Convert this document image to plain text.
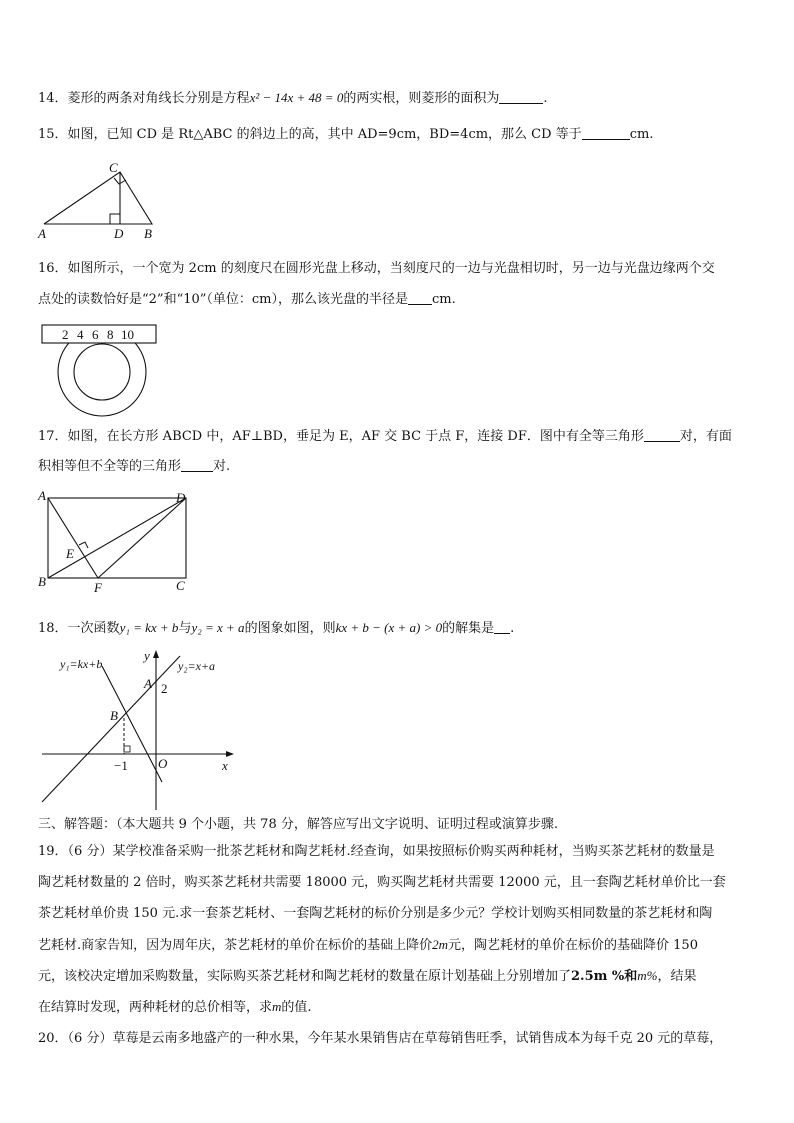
14．菱形的两条对角线长分别是方程x² − 14x + 48 = 0的两实根，则菱形的面积为	.
15．如图，已知 CD 是 Rt△ABC 的斜边上的高，其中 AD=9cm，BD=4cm，那么 CD 等于	cm.
C
A	D B
16．如图所示，一个宽为 2cm 的刻度尺在圆形光盘上移动，当刻度尺的一边与光盘相切时，另一边与光盘边缘两个交
点处的读数恰好是“2”和“10”（单位：cm），那么该光盘的半径是 cm.
2 4 6 8 10
17．如图，在长方形 ABCD 中，AF⊥BD，垂足为 E，AF 交 BC 于点 F，连接 DF．图中有全等三角形	对，有面
积相等但不全等的三角形 对.
A	D
B	C
E
F
18．一次函数y₁ = kx + b与y₂ = x + a的图象如图，则kx + b − (x + a) > 0的解集是 .
y₁=kx+b	y₂=x+a
y
x
O
A 2
B
−1
三、解答题：（本大题共 9 个小题，共 78 分，解答应写出文字说明、证明过程或演算步骤.
19．（6 分）某学校准备采购一批茶艺耗材和陶艺耗材.经查询，如果按照标价购买两种耗材，当购买茶艺耗材的数量是
陶艺耗材数量的 2 倍时，购买茶艺耗材共需要 18000 元，购买陶艺耗材共需要 12000 元，且一套陶艺耗材单价比一套
茶艺耗材单价贵 150 元.求一套茶艺耗材、一套陶艺耗材的标价分别是多少元？学校计划购买相同数量的茶艺耗材和陶
艺耗材.商家告知，因为周年庆，茶艺耗材的单价在标价的基础上降价2m元，陶艺耗材的单价在标价的基础降价 150
元，该校决定增加采购数量，实际购买茶艺耗材和陶艺耗材的数量在原计划基础上分别增加了2.5m %和m%，结果
在结算时发现，两种耗材的总价相等，求m的值.
20．（6 分）草莓是云南多地盛产的一种水果，今年某水果销售店在草莓销售旺季，试销售成本为每千克 20 元的草莓，
